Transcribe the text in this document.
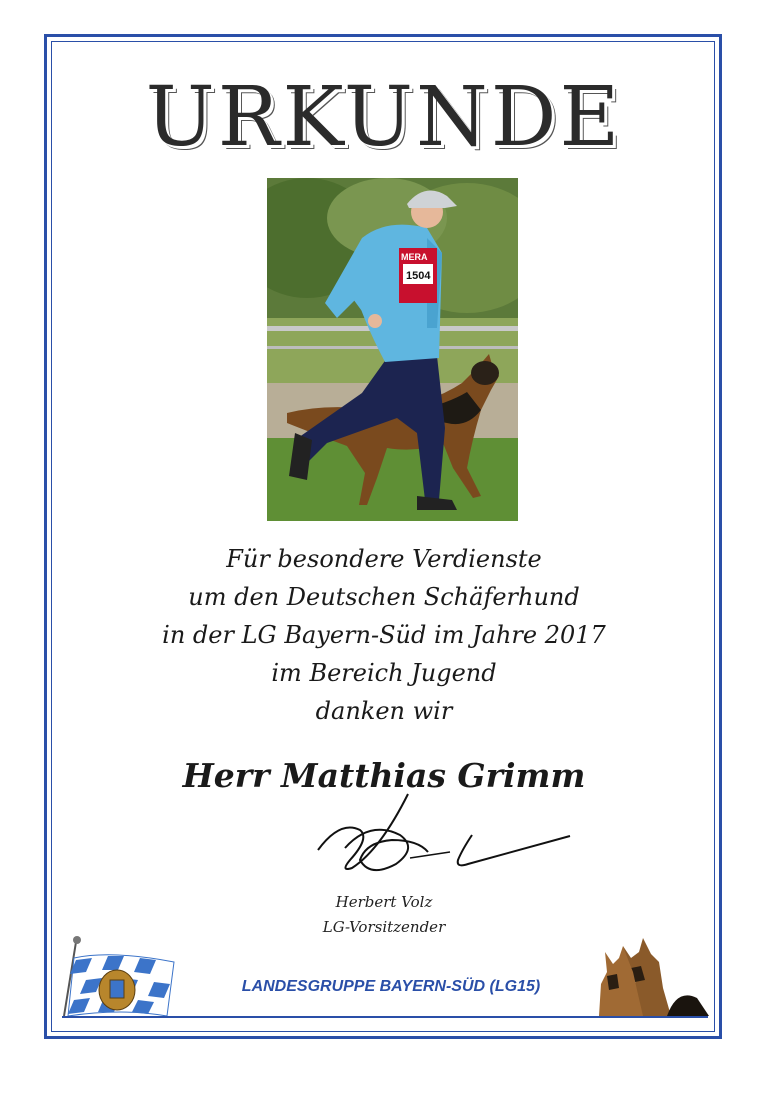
URKUNDE
MERA
1504
Für besondere Verdienste
um den Deutschen Schäferhund
in der LG Bayern-Süd im Jahre 2017
im Bereich Jugend
danken wir
Herr Matthias Grimm
Herbert Volz
LG-Vorsitzender
LANDESGRUPPE BAYERN-SÜD (LG15)
